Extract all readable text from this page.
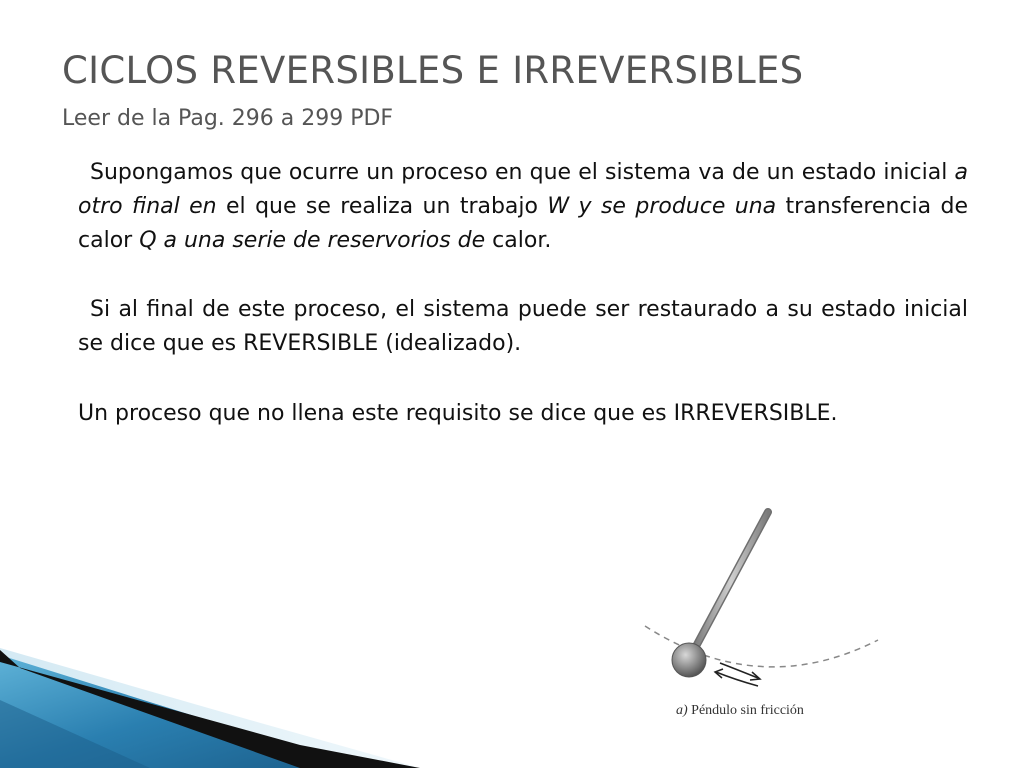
CICLOS REVERSIBLES E IRREVERSIBLES
Leer de la Pag. 296 a 299 PDF

Supongamos que ocurre un proceso en que el sistema va de un estado inicial a otro final en el que se realiza un trabajo W y se produce una transferencia de calor Q a una serie de reservorios de calor.

Si al final de este proceso, el sistema puede ser restaurado a su estado inicial se dice que es REVERSIBLE (idealizado).

Un proceso que no llena este requisito se dice que es IRREVERSIBLE.

a) Péndulo sin fricción
